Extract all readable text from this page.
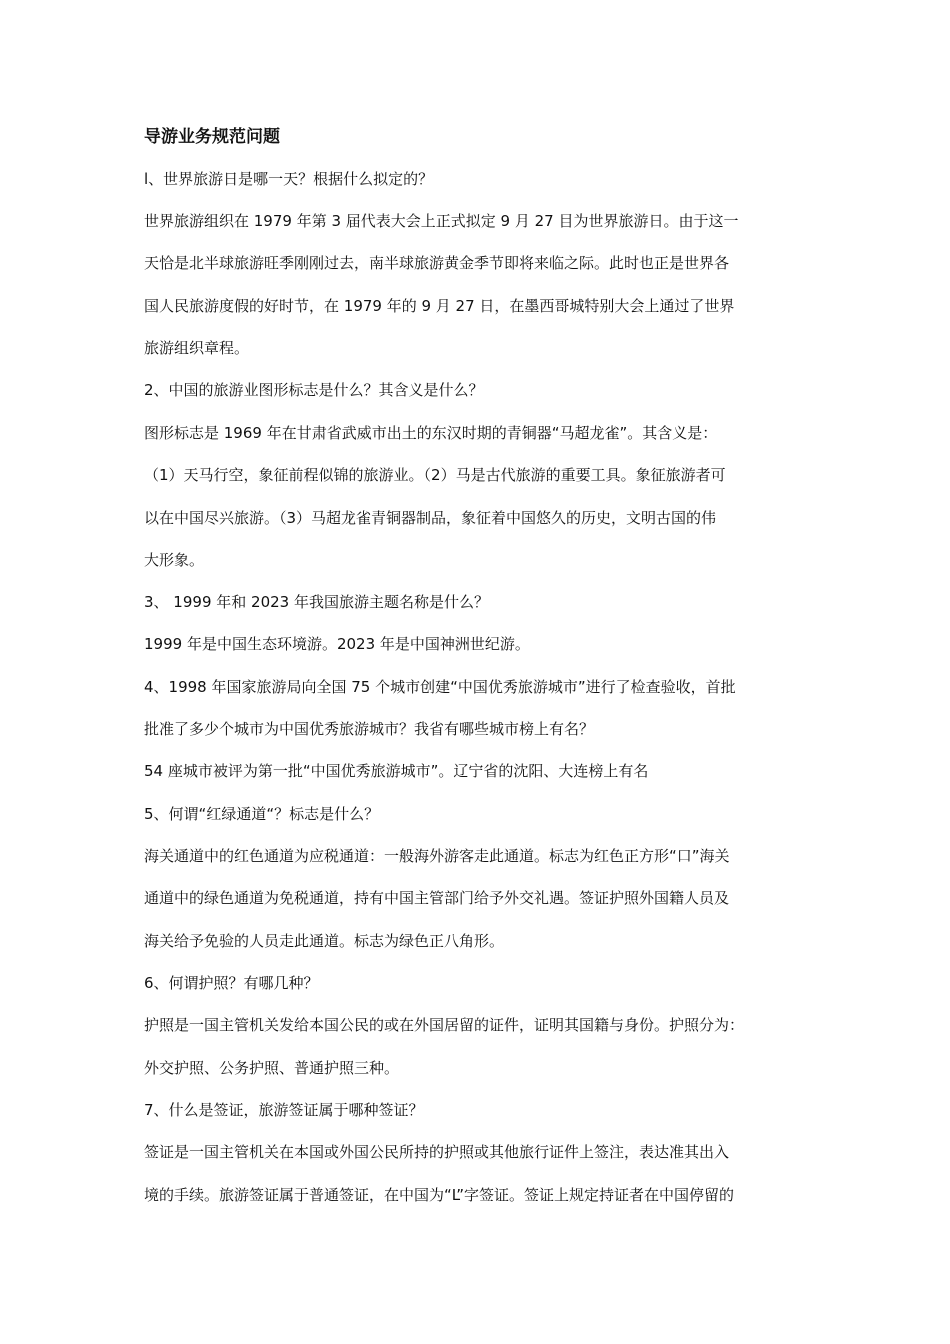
导游业务规范问题
l、世界旅游日是哪一天？根据什么拟定的？
世界旅游组织在 1979 年第 3 届代表大会上正式拟定 9 月 27 目为世界旅游日。由于这一
天恰是北半球旅游旺季刚刚过去，南半球旅游黄金季节即将来临之际。此时也正是世界各
国人民旅游度假的好时节，在 1979 年的 9 月 27 日，在墨西哥城特别大会上通过了世界
旅游组织章程。
2、中国的旅游业图形标志是什么？其含义是什么？
图形标志是 1969 年在甘肃省武威市出土的东汉时期的青铜器“马超龙雀”。其含义是：
（1）天马行空，象征前程似锦的旅游业。（2）马是古代旅游的重要工具。象征旅游者可
以在中国尽兴旅游。（3）马超龙雀青铜器制品，象征着中国悠久的历史，文明古国的伟
大形象。
3、 1999 年和 2023 年我国旅游主题名称是什么？
1999 年是中国生态环境游。2023 年是中国神洲世纪游。
4、1998 年国家旅游局向全国 75 个城市创建“中国优秀旅游城市”进行了检查验收，首批
批准了多少个城市为中国优秀旅游城市？我省有哪些城市榜上有名？
54 座城市被评为第一批“中国优秀旅游城市”。辽宁省的沈阳、大连榜上有名
5、何谓“红绿通道“？标志是什么？
海关通道中的红色通道为应税通道：一般海外游客走此通道。标志为红色正方形“口”海关
通道中的绿色通道为免税通道，持有中国主管部门给予外交礼遇。签证护照外国籍人员及
海关给予免验的人员走此通道。标志为绿色正八角形。
6、何谓护照？有哪几种？
护照是一国主管机关发给本国公民的或在外国居留的证件，证明其国籍与身份。护照分为：
外交护照、公务护照、普通护照三种。
7、什么是签证，旅游签证属于哪种签证？
签证是一国主管机关在本国或外国公民所持的护照或其他旅行证件上签注，表达准其出入
境的手续。旅游签证属于普通签证，在中国为“L”字签证。签证上规定持证者在中国停留的
